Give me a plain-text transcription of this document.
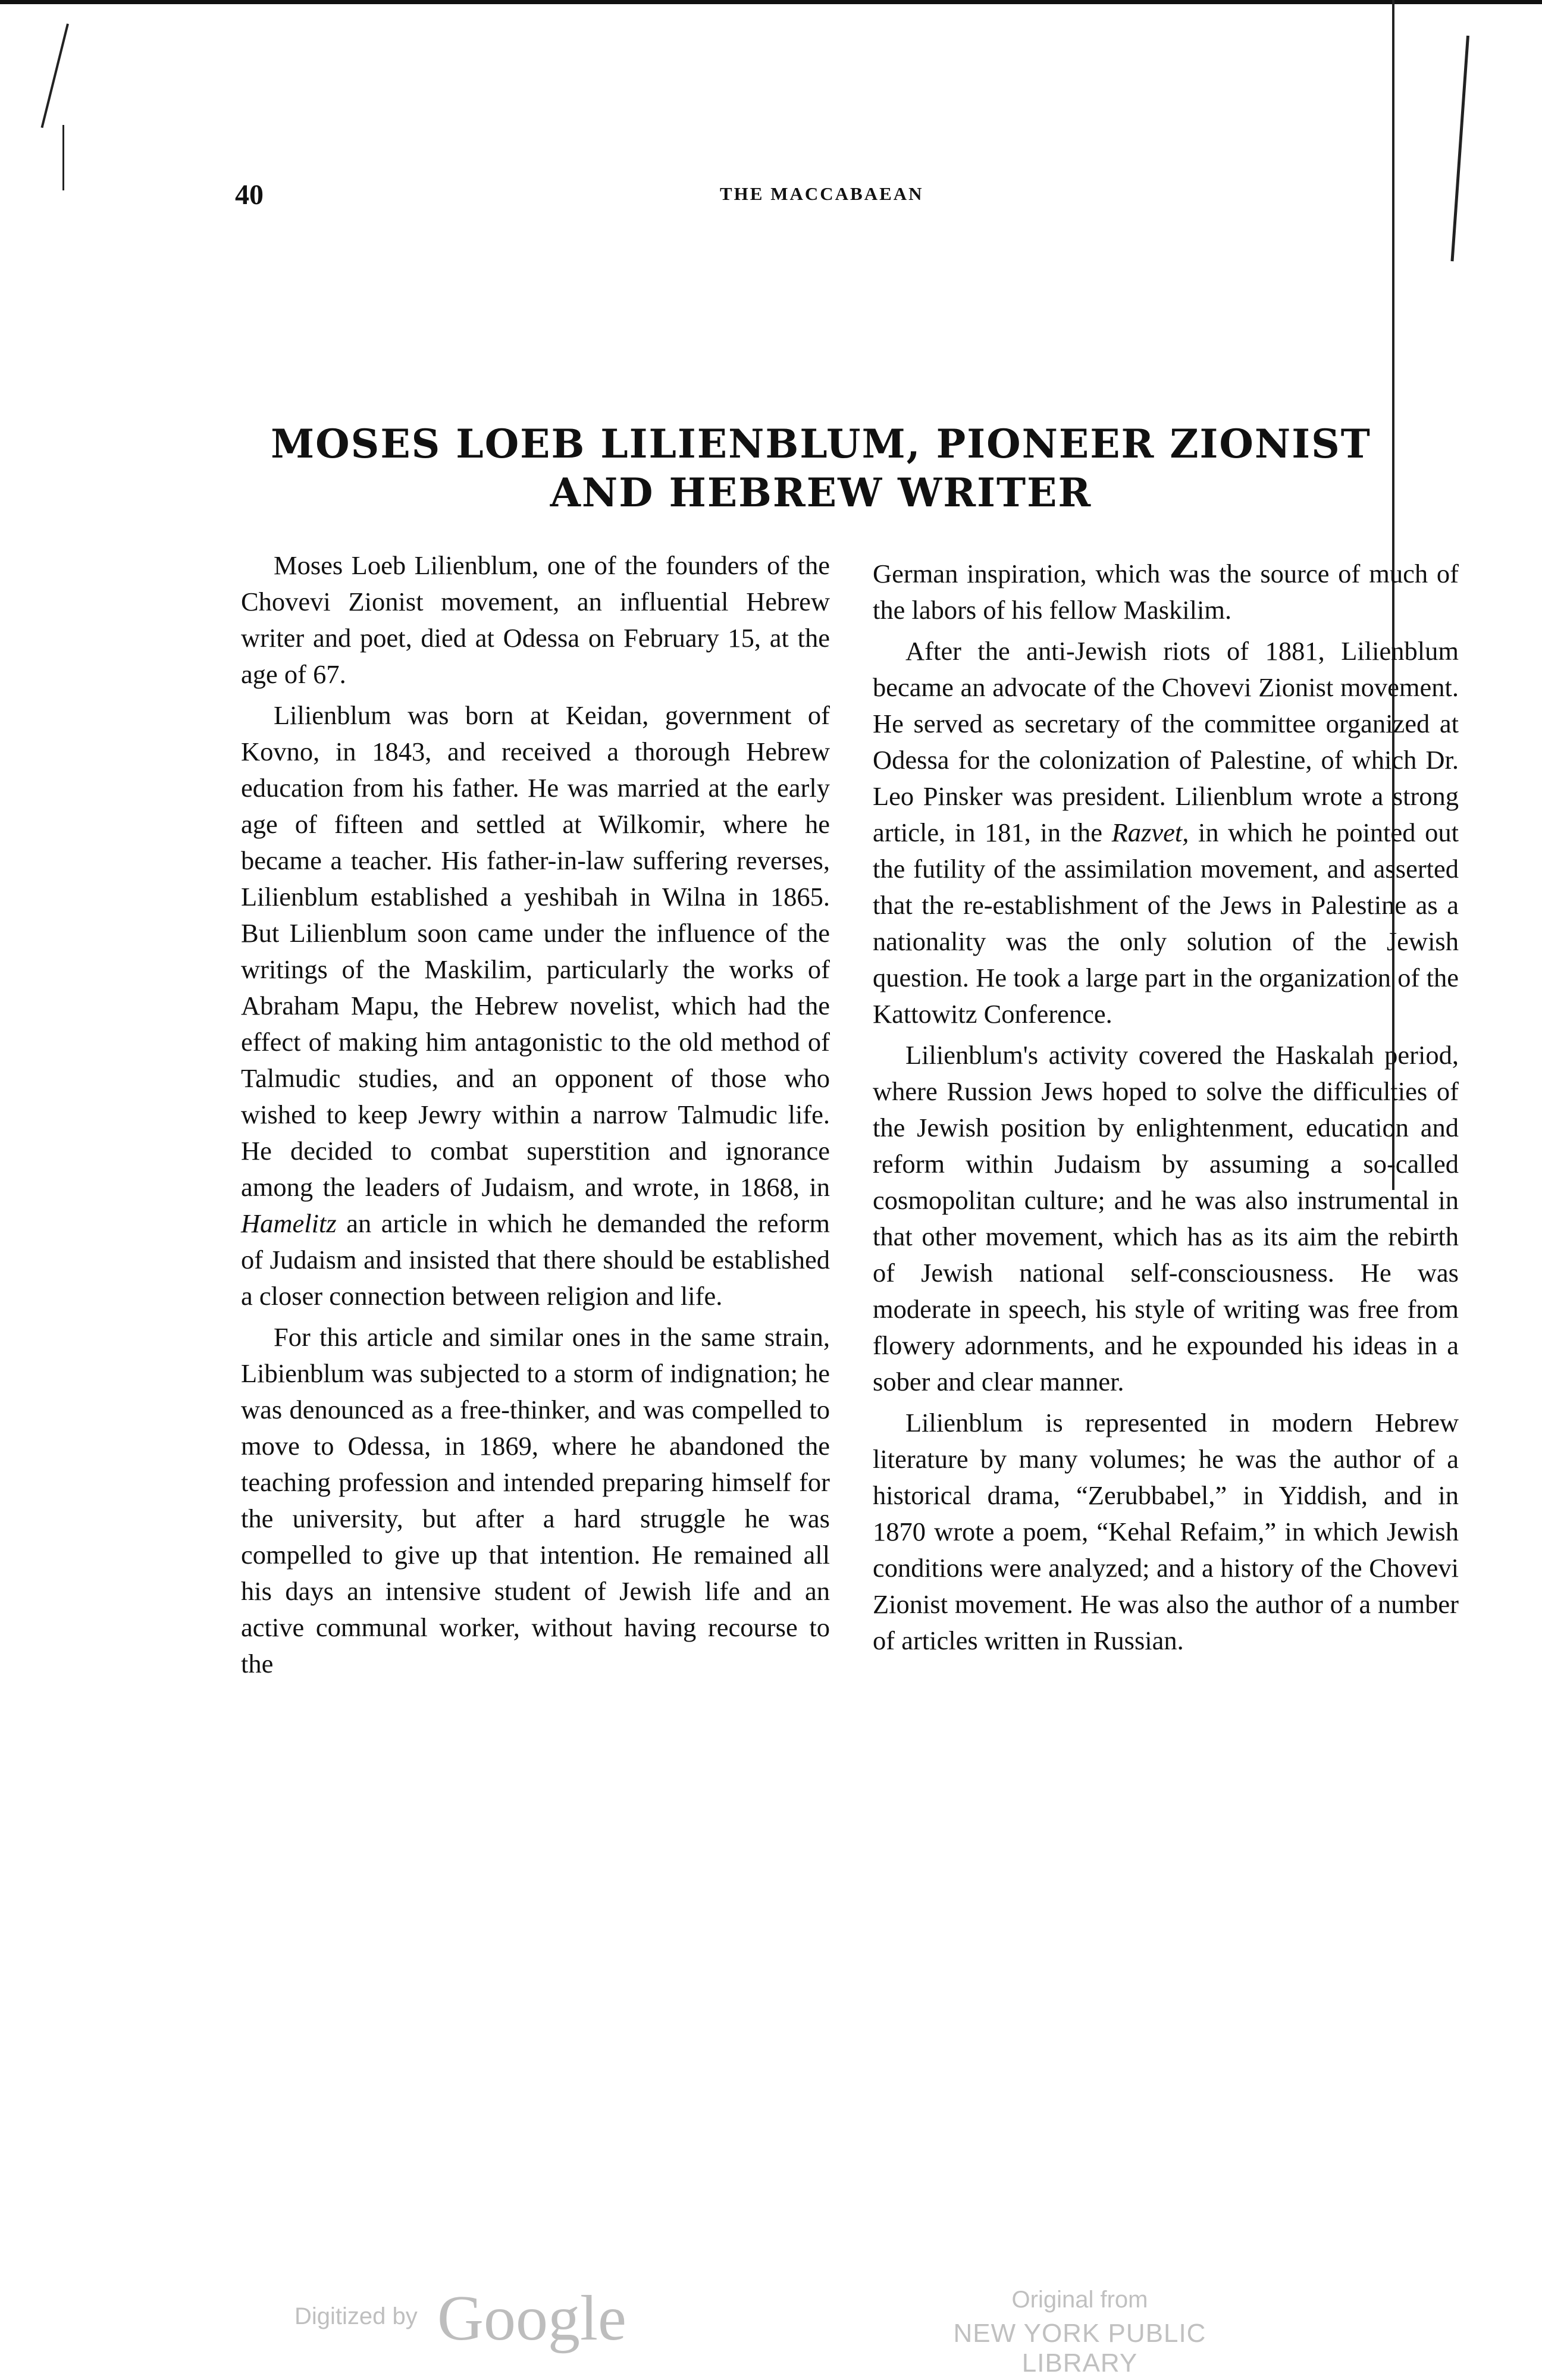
40	THE MACCABAEAN
MOSES LOEB LILIENBLUM, PIONEER ZIONIST
AND HEBREW WRITER

Moses Loeb Lilienblum, one of the founders of the Chovevi Zionist movement, an influential Hebrew writer and poet, died at Odessa on February 15, at the age of 67.

Lilienblum was born at Keidan, government of Kovno, in 1843, and received a thorough Hebrew education from his father. He was married at the early age of fifteen and settled at Wilkomir, where he became a teacher. His father-in-law suffering reverses, Lilienblum established a yeshibah in Wilna in 1865. But Lilienblum soon came under the influence of the writings of the Maskilim, particularly the works of Abraham Mapu, the Hebrew novelist, which had the effect of making him antagonistic to the old method of Talmudic studies, and an opponent of those who wished to keep Jewry within a narrow Talmudic life. He decided to combat superstition and ignorance among the leaders of Judaism, and wrote, in 1868, in Hamelitz an article in which he demanded the reform of Judaism and insisted that there should be established a closer connection between religion and life.

For this article and similar ones in the same strain, Libienblum was subjected to a storm of indignation; he was denounced as a free-thinker, and was compelled to move to Odessa, in 1869, where he abandoned the teaching profession and intended preparing himself for the university, but after a hard struggle he was compelled to give up that intention. He remained all his days an intensive student of Jewish life and an active communal worker, without having recourse to the

German inspiration, which was the source of much of the labors of his fellow Maskilim.

After the anti-Jewish riots of 1881, Lilienblum became an advocate of the Chovevi Zionist movement. He served as secretary of the committee organized at Odessa for the colonization of Palestine, of which Dr. Leo Pinsker was president. Lilienblum wrote a strong article, in 181, in the Razvet, in which he pointed out the futility of the assimilation movement, and asserted that the re-establishment of the Jews in Palestine as a nationality was the only solution of the Jewish question. He took a large part in the organization of the Kattowitz Conference.

Lilienblum's activity covered the Haskalah period, where Russion Jews hoped to solve the difficulties of the Jewish position by enlightenment, education and reform within Judaism by assuming a so-called cosmopolitan culture; and he was also instrumental in that other movement, which has as its aim the rebirth of Jewish national self-consciousness. He was moderate in speech, his style of writing was free from flowery adornments, and he expounded his ideas in a sober and clear manner.

Lilienblum is represented in modern Hebrew literature by many volumes; he was the author of a historical drama, “Zerubbabel,” in Yiddish, and in 1870 wrote a poem, “Kehal Refaim,” in which Jewish conditions were analyzed; and a history of the Chovevi Zionist movement. He was also the author of a number of articles written in Russian.

Digitized by Google	Original from
NEW YORK PUBLIC LIBRARY
